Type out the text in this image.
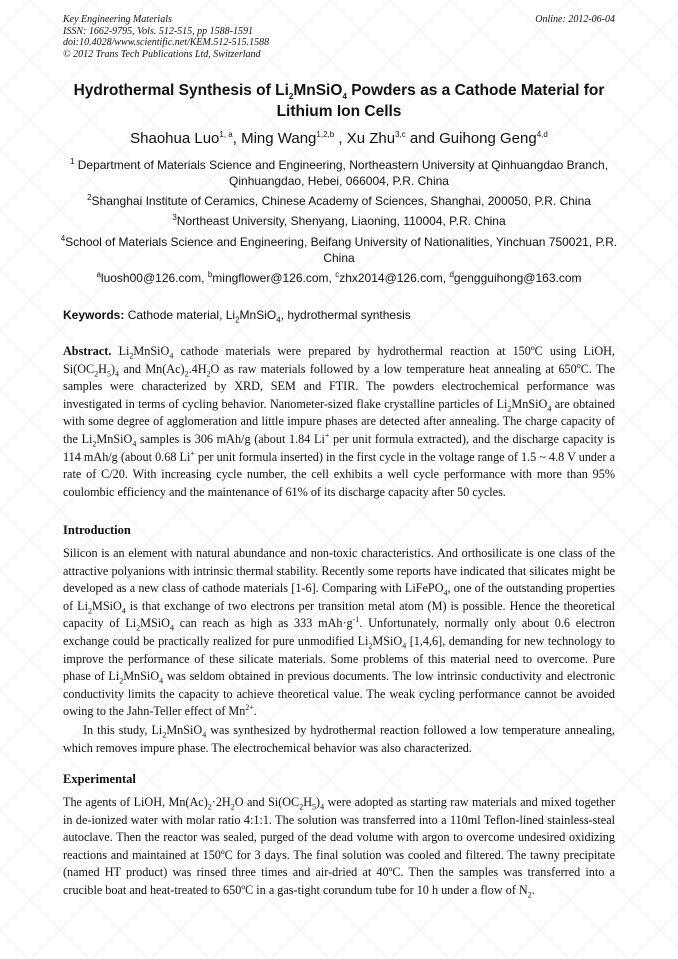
Key Engineering Materials
ISSN: 1662-9795, Vols. 512-515, pp 1588-1591
doi:10.4028/www.scientific.net/KEM.512-515.1588
© 2012 Trans Tech Publications Ltd, Switzerland
Online: 2012-06-04
Hydrothermal Synthesis of $Li_2MnSiO_4$ Powders as a Cathode Material for Lithium Ion Cells
Shaohua Luo$^{1, a}$, Ming Wang$^{1,2,b}$ , Xu Zhu$^{3,c}$ and Guihong Geng$^{4,d}$
$^1$ Department of Materials Science and Engineering, Northeastern University at Qinhuangdao Branch, Qinhuangdao, Hebei, 066004, P.R. China
$^2$Shanghai Institute of Ceramics, Chinese Academy of Sciences, Shanghai, 200050, P.R. China
$^3$Northeast University, Shenyang, Liaoning, 110004, P.R. China
$^4$School of Materials Science and Engineering, Beifang University of Nationalities, Yinchuan 750021, P.R. China
$^a$luosh00@126.com, $^b$mingflower@126.com, $^c$zhx2014@126.com, $^d$gengguihong@163.com
Keywords: Cathode material, $Li_2MnSiO_4$, hydrothermal synthesis
Abstract. $Li_2MnSiO_4$ cathode materials were prepared by hydrothermal reaction at 150ºC using LiOH, $Si(OC_2H_5)_4$ and $Mn(Ac)_2.4H_2O$ as raw materials followed by a low temperature heat annealing at 650$^o$C. The samples were characterized by XRD, SEM and FTIR. The powders electrochemical performance was investigated in terms of cycling behavior. Nanometer-sized flake crystalline particles of $Li_2MnSiO_4$ are obtained with some degree of agglomeration and little impure phases are detected after annealing. The charge capacity of the $Li_2MnSiO_4$ samples is 306 mAh/g (about 1.84 Li+ per unit formula extracted), and the discharge capacity is 114 mAh/g (about 0.68 Li+ per unit formula inserted) in the first cycle in the voltage range of 1.5 ~ 4.8 V under a rate of C/20. With increasing cycle number, the cell exhibits a well cycle performance with more than 95% coulombic efficiency and the maintenance of 61% of its discharge capacity after 50 cycles.
Introduction
Silicon is an element with natural abundance and non-toxic characteristics. And orthosilicate is one class of the attractive polyanions with intrinsic thermal stability. Recently some reports have indicated that silicates might be developed as a new class of cathode materials [1-6]. Comparing with LiFePO$_4$, one of the outstanding properties of $Li_2MSiO_4$ is that exchange of two electrons per transition metal atom (M) is possible. Hence the theoretical capacity of $Li_2MSiO_4$ can reach as high as 333 $mAh\cdot g^{-1}$. Unfortunately, normally only about 0.6 electron exchange could be practically realized for pure unmodified $Li_2MSiO_4$ [1,4,6], demanding for new technology to improve the performance of these silicate materials. Some problems of this material need to overcome. Pure phase of $Li_2MnSiO_4$ was seldom obtained in previous documents. The low intrinsic conductivity and electronic conductivity limits the capacity to achieve theoretical value. The weak cycling performance cannot be avoided owing to the Jahn-Teller effect of $Mn^{2+}$.
In this study, $Li_2MnSiO_4$ was synthesized by hydrothermal reaction followed a low temperature annealing, which removes impure phase. The electrochemical behavior was also characterized.
Experimental
The agents of LiOH, $Mn(Ac)_2\cdot 2H_2O$ and $Si(OC_2H_5)_4$ were adopted as starting raw materials and mixed together in de-ionized water with molar ratio 4:1:1. The solution was transferred into a 110ml Teflon-lined stainless-steal autoclave. Then the reactor was sealed, purged of the dead volume with argon to overcome undesired oxidizing reactions and maintained at 150ºC for 3 days. The final solution was cooled and filtered. The tawny precipitate (named HT product) was rinsed three times and air-dried at 40ºC. Then the samples was transferred into a crucible boat and heat-treated to 650ºC in a gas-tight corundum tube for 10 h under a flow of $N_2$.
